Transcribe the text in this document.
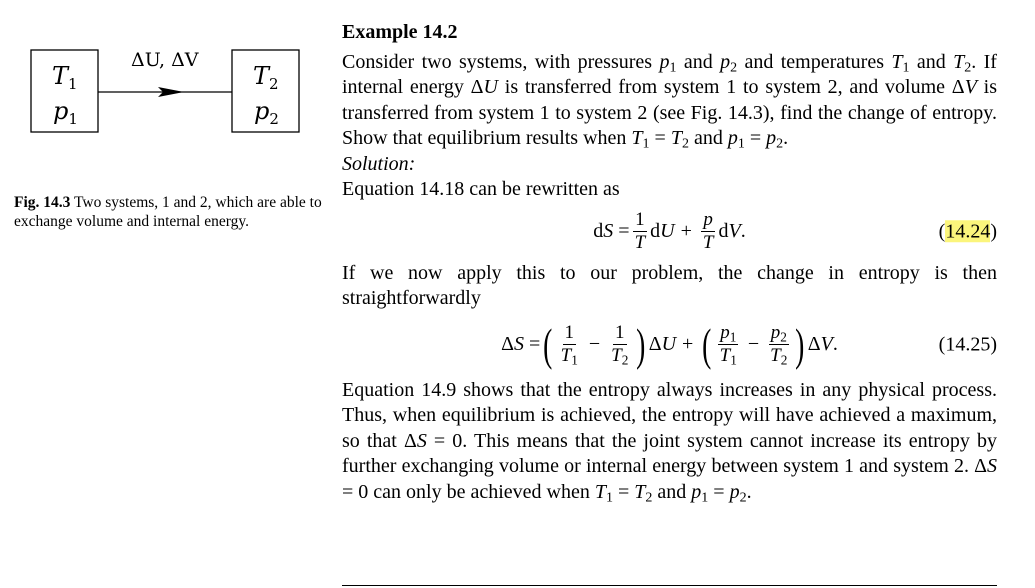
$T_1$
$p_1$
$T_2$
$p_2$
ΔU, ΔV
Fig. 14.3 Two systems, 1 and 2, which are able to exchange volume and internal energy.
Example 14.2

Consider two systems, with pressures $p_1$ and $p_2$ and temperatures $T_1$ and $T_2$. If internal energy ΔU is transferred from system 1 to system 2, and volume ΔV is transferred from system 1 to system 2 (see Fig. 14.3), find the change of entropy. Show that equilibrium results when $T_1 = T_2$ and $p_1 = p_2$.

Solution:

Equation 14.18 can be rewritten as

dS = $\frac{1}{T}$ dU + $\frac{p}{T}$ dV.	(14.24)

If we now apply this to our problem, the change in entropy is then straightforwardly

ΔS = ( $\frac{1}{T_1} - \frac{1}{T_2}$ ) ΔU + ( $\frac{p_1}{T_1} - \frac{p_2}{T_2}$ ) ΔV.	(14.25)

Equation 14.9 shows that the entropy always increases in any physical process. Thus, when equilibrium is achieved, the entropy will have achieved a maximum, so that ΔS = 0. This means that the joint system cannot increase its entropy by further exchanging volume or internal energy between system 1 and system 2. ΔS = 0 can only be achieved when $T_1 = T_2$ and $p_1 = p_2$.
